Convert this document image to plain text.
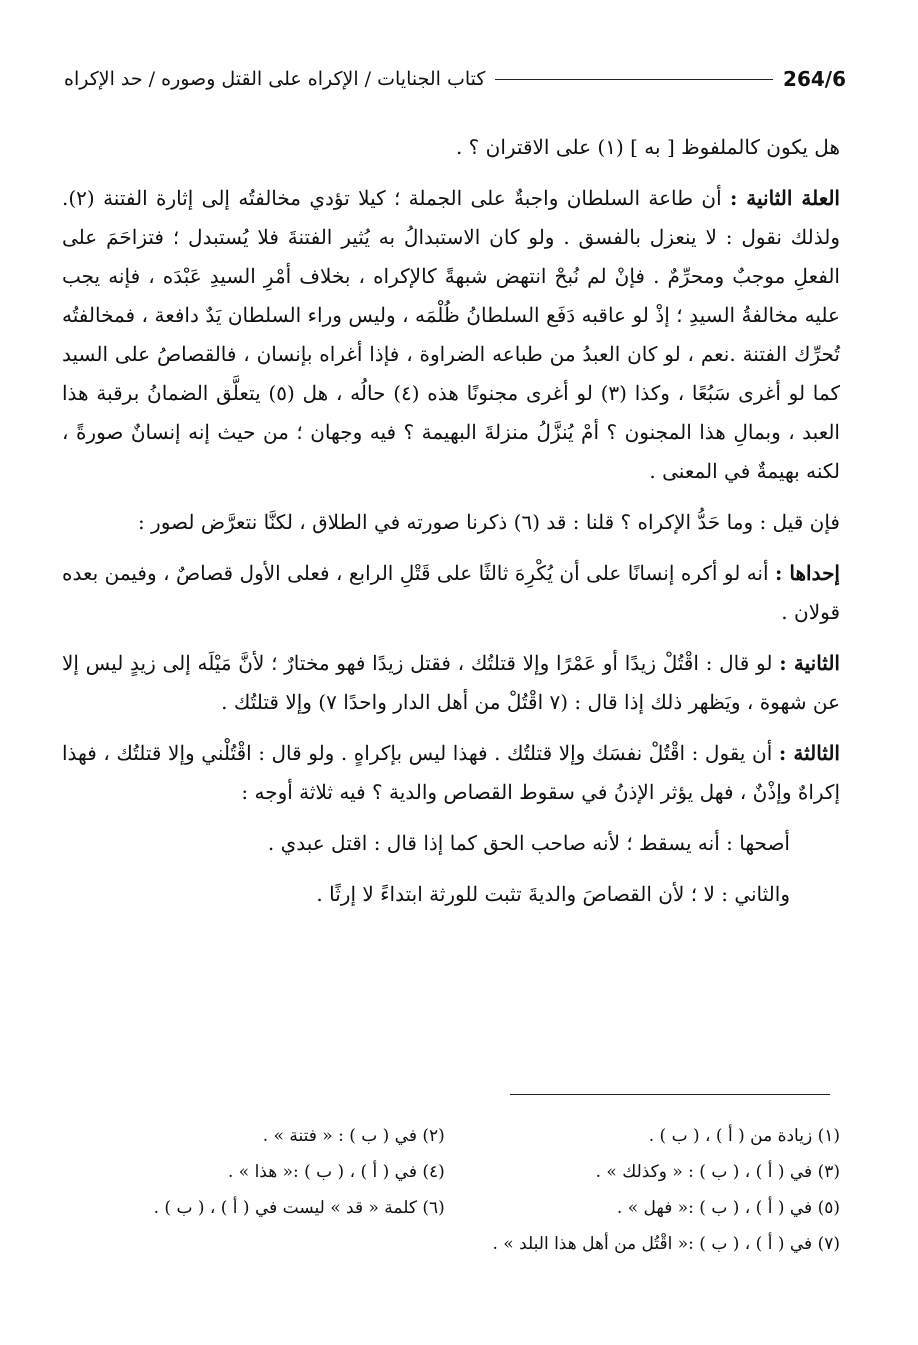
264/6
كتاب الجنايات / الإكراه على القتل وصوره / حد الإكراه

هل يكون كالملفوظ [ به ] (١) على الاقتران ؟ .

العلة الثانية : أن طاعة السلطان واجبةٌ على الجملة ؛ كيلا تؤدي مخالفتُه إلى إثارة الفتنة (٢). ولذلك نقول : لا ينعزل بالفسق . ولو كان الاستبدالُ به يُثير الفتنةَ فلا يُستبدل ؛ فتزاحَمَ على الفعلِ موجبٌ ومحرِّمٌ . فإنْ لم نُبحْ انتهض شبهةً كالإكراه ، بخلاف أمْرِ السيدِ عَبْدَه ، فإنه يجب عليه مخالفةُ السيدِ ؛ إذْ لو عاقبه دَفَع السلطانُ ظُلْمَه ، وليس وراء السلطان يَدٌ دافعة ، فمخالفتُه تُحرِّك الفتنة .نعم ، لو كان العبدُ من طباعه الضراوة ، فإذا أغراه بإنسان ، فالقصاصُ على السيد كما لو أغرى سَبُعًا ، وكذا (٣) لو أغرى مجنونًا هذه (٤) حالُه ، هل (٥) يتعلَّق الضمانُ برقبة هذا العبد ، وبمالِ هذا المجنون ؟ أمْ يُنزَّلُ منزلةَ البهيمة ؟ فيه وجهان ؛ من حيث إنه إنسانٌ صورةً ، لكنه بهيمةٌ في المعنى .

فإن قيل : وما حَدُّ الإكراه ؟ قلنا : قد (٦) ذكرنا صورته في الطلاق ، لكنَّا نتعرَّض لصور :

إحداها : أنه لو أكره إنسانًا على أن يُكْرِهَ ثالثًا على قَتْلِ الرابع ، فعلى الأول قصاصٌ ، وفيمن بعده قولان .

الثانية : لو قال : اقْتُلْ زيدًا أو عَمْرًا وإلا قتلتُك ، فقتل زيدًا فهو مختارٌ ؛ لأنَّ مَيْلَه إلى زيدٍ ليس إلا عن شهوة ، ويَظهر ذلك إذا قال : (٧ اقْتُلْ من أهل الدار واحدًا ٧) وإلا قتلتُك .

الثالثة : أن يقول : اقْتُلْ نفسَك وإلا قتلتُك . فهذا ليس بإكراهٍ . ولو قال : اقْتُلْني وإلا قتلتُك ، فهذا إكراهٌ وإذْنٌ ، فهل يؤثر الإذنُ في سقوط القصاص والدية ؟ فيه ثلاثة أوجه :

أصحها : أنه يسقط ؛ لأنه صاحب الحق كما إذا قال : اقتل عبدي .

والثاني : لا ؛ لأن القصاصَ والديةَ تثبت للورثة ابتداءً لا إرثًا .

(١) زيادة من ( أ ) ، ( ب ) .
(٢) في ( ب ) : « فتنة » .
(٣) في ( أ ) ، ( ب ) : « وكذلك » .
(٤) في ( أ ) ، ( ب ) :« هذا » .
(٥) في ( أ ) ، ( ب ) :« فهل » .
(٦) كلمة « قد » ليست في ( أ ) ، ( ب ) .
(٧) في ( أ ) ، ( ب ) :« اقْتُل من أهل هذا البلد » .
